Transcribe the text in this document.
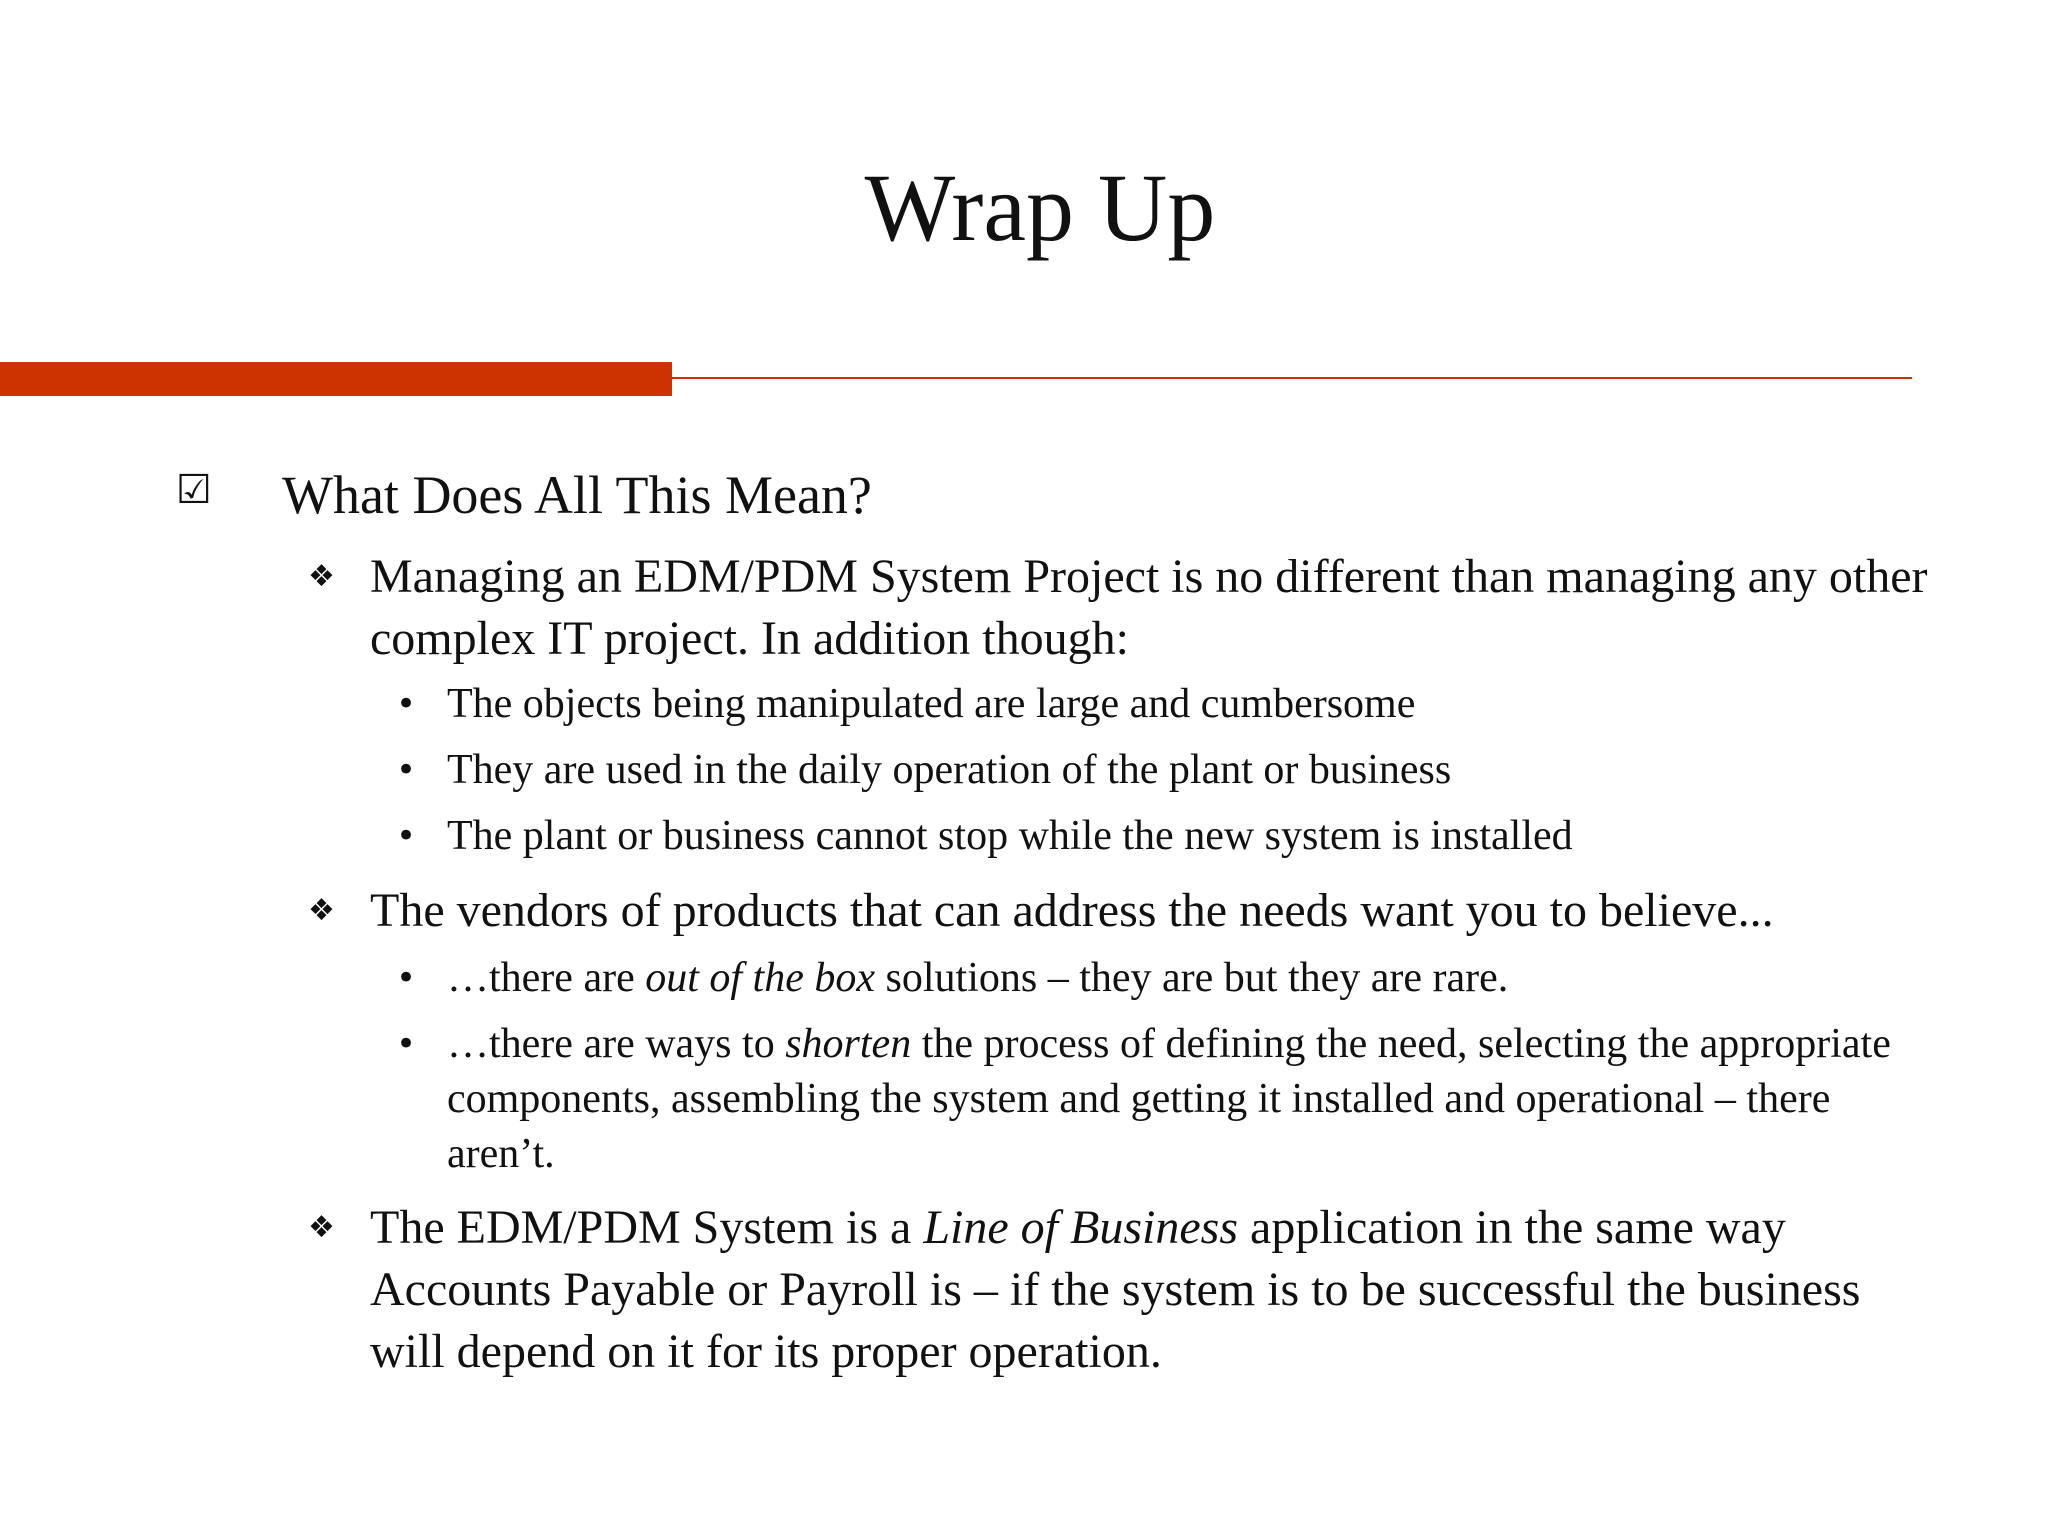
Wrap Up
☑ What Does All This Mean?
❖ Managing an EDM/PDM System Project is no different than managing any other complex IT project. In addition though:
• The objects being manipulated are large and cumbersome
• They are used in the daily operation of the plant or business
• The plant or business cannot stop while the new system is installed
❖ The vendors of products that can address the needs want you to believe...
• …there are out of the box solutions – they are but they are rare.
• …there are ways to shorten the process of defining the need, selecting the appropriate components, assembling the system and getting it installed and operational – there aren’t.
❖ The EDM/PDM System is a Line of Business application in the same way Accounts Payable or Payroll is – if the system is to be successful the business will depend on it for its proper operation.
